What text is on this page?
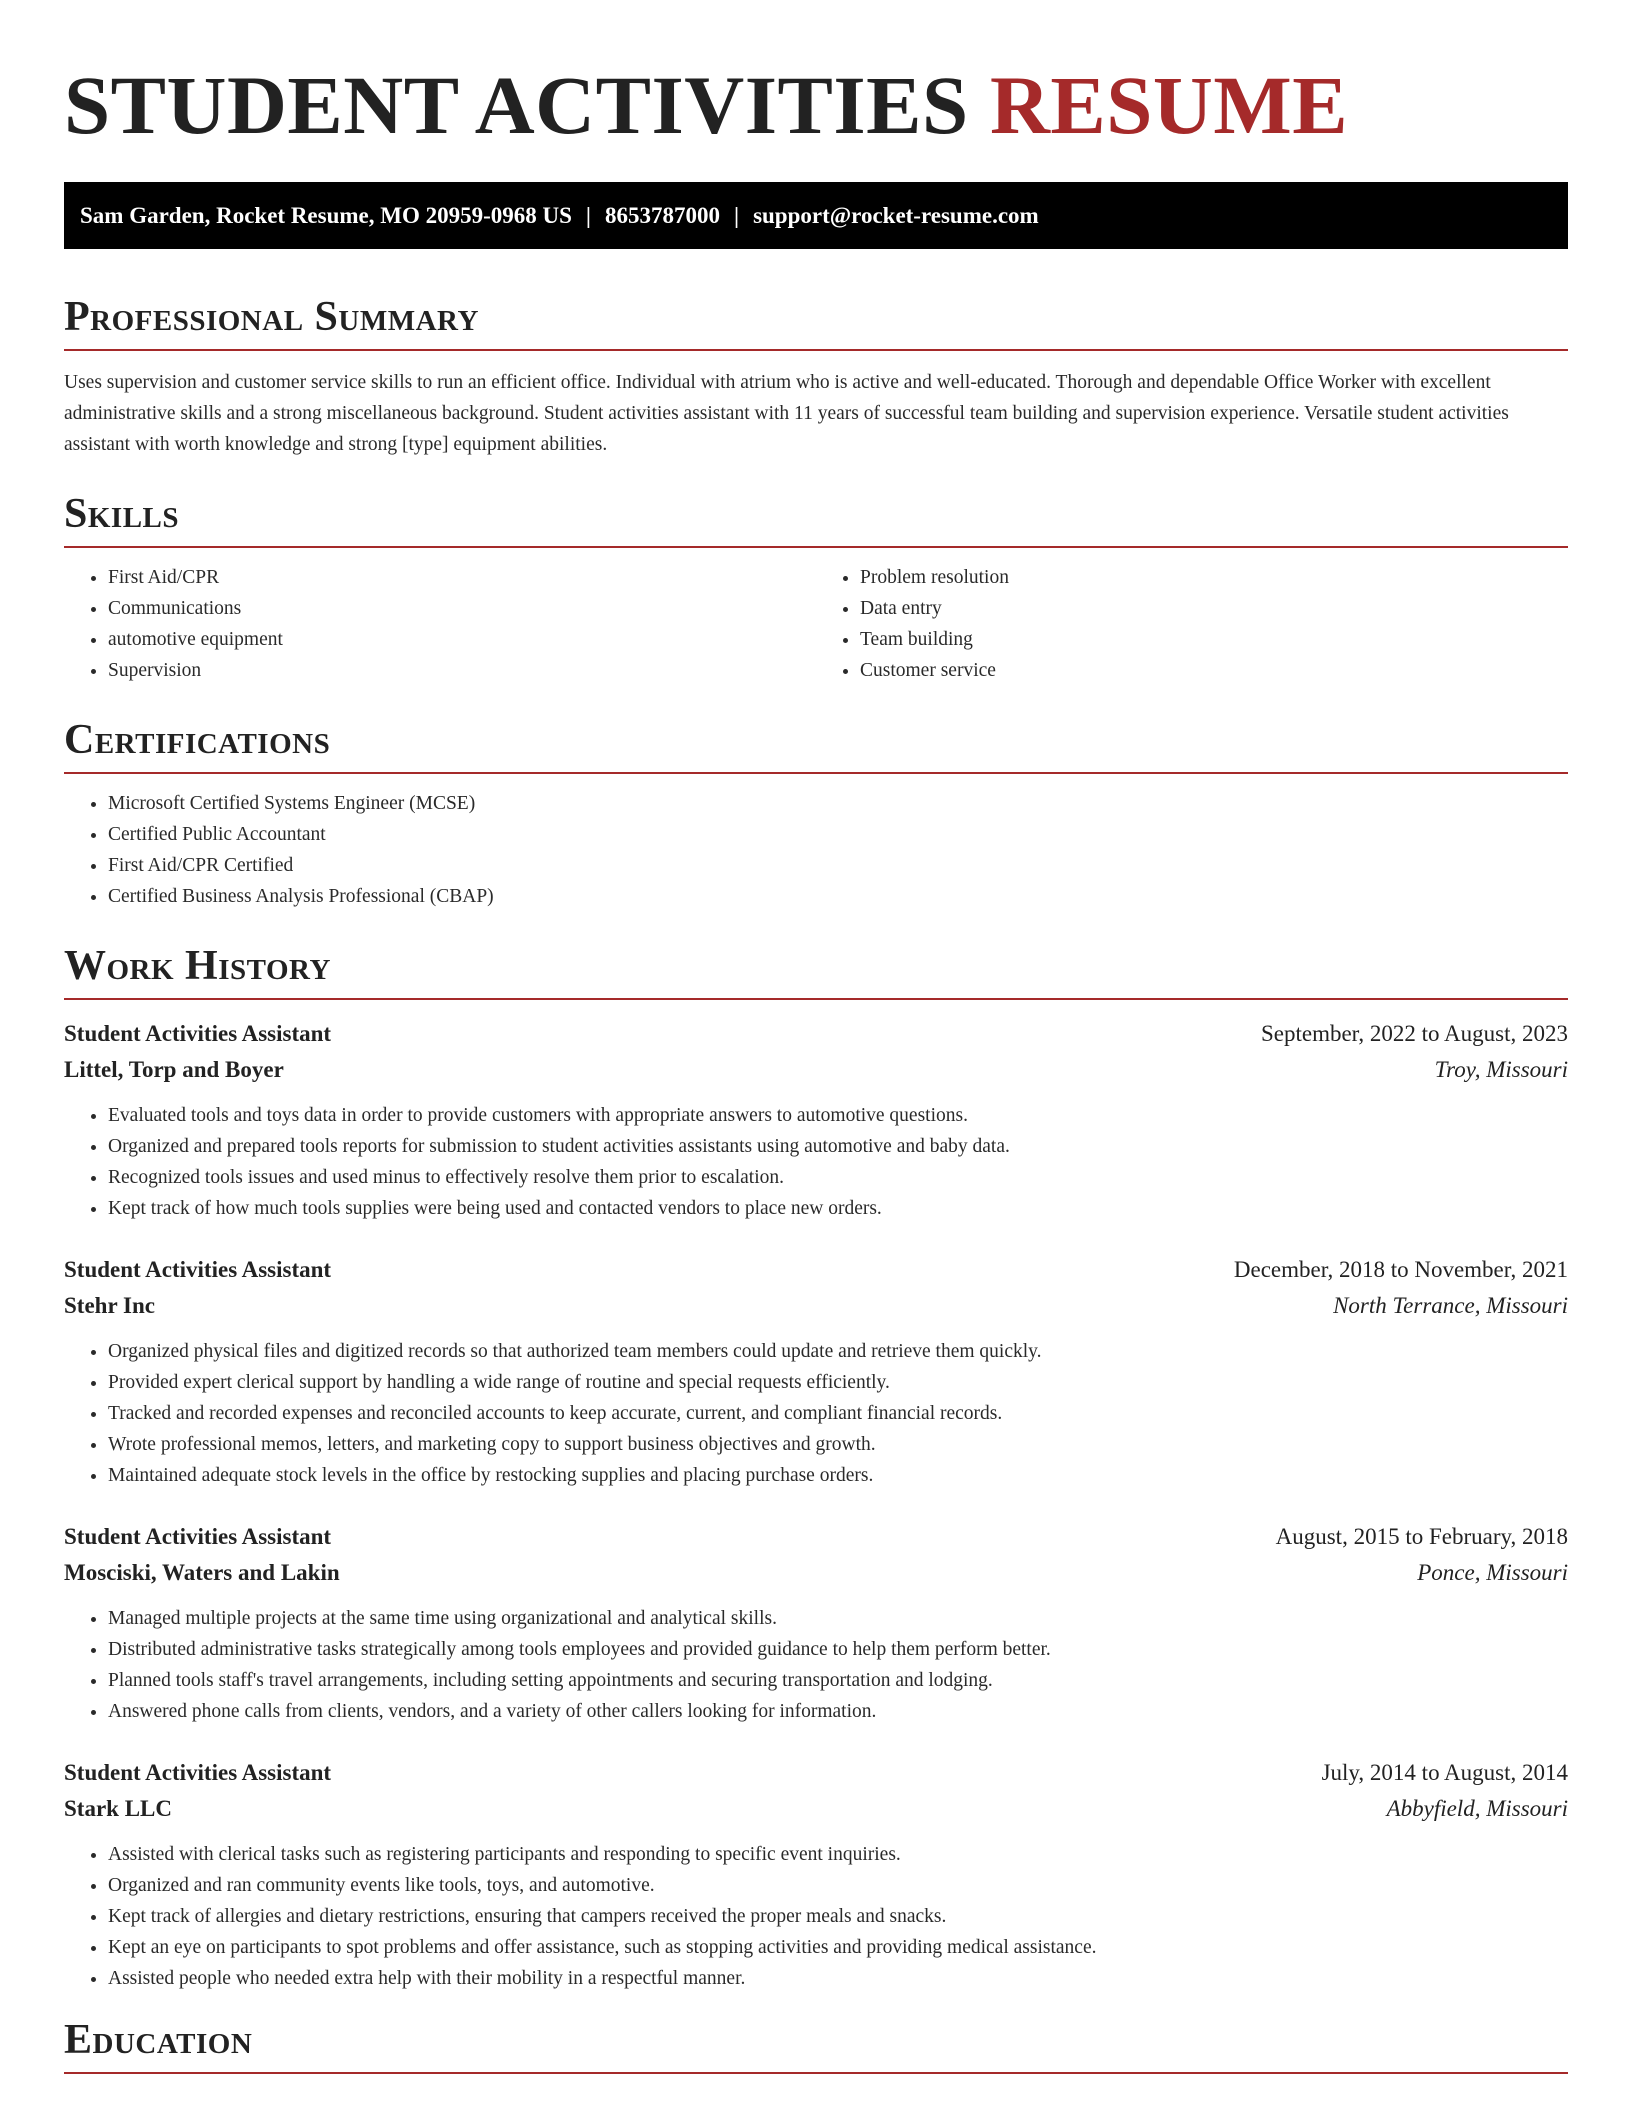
STUDENT ACTIVITIES RESUME
Sam Garden, Rocket Resume, MO 20959-0968 US | 8653787000 | support@rocket-resume.com
Professional Summary

Uses supervision and customer service skills to run an efficient office. Individual with atrium who is active and well-educated. Thorough and dependable Office Worker with excellent administrative skills and a strong miscellaneous background. Student activities assistant with 11 years of successful team building and supervision experience. Versatile student activities assistant with worth knowledge and strong [type] equipment abilities.

Skills
• First Aid/CPR
• Communications
• automotive equipment
• Supervision
• Problem resolution
• Data entry
• Team building
• Customer service
Certifications
• Microsoft Certified Systems Engineer (MCSE)
• Certified Public Accountant
• First Aid/CPR Certified
• Certified Business Analysis Professional (CBAP)
Work History
Student Activities Assistant	September, 2022 to August, 2023
Littel, Torp and Boyer	Troy, Missouri
• Evaluated tools and toys data in order to provide customers with appropriate answers to automotive questions.
• Organized and prepared tools reports for submission to student activities assistants using automotive and baby data.
• Recognized tools issues and used minus to effectively resolve them prior to escalation.
• Kept track of how much tools supplies were being used and contacted vendors to place new orders.
Student Activities Assistant	December, 2018 to November, 2021
Stehr Inc	North Terrance, Missouri
• Organized physical files and digitized records so that authorized team members could update and retrieve them quickly.
• Provided expert clerical support by handling a wide range of routine and special requests efficiently.
• Tracked and recorded expenses and reconciled accounts to keep accurate, current, and compliant financial records.
• Wrote professional memos, letters, and marketing copy to support business objectives and growth.
• Maintained adequate stock levels in the office by restocking supplies and placing purchase orders.
Student Activities Assistant	August, 2015 to February, 2018
Mosciski, Waters and Lakin	Ponce, Missouri
• Managed multiple projects at the same time using organizational and analytical skills.
• Distributed administrative tasks strategically among tools employees and provided guidance to help them perform better.
• Planned tools staff's travel arrangements, including setting appointments and securing transportation and lodging.
• Answered phone calls from clients, vendors, and a variety of other callers looking for information.
Student Activities Assistant	July, 2014 to August, 2014
Stark LLC	Abbyfield, Missouri
• Assisted with clerical tasks such as registering participants and responding to specific event inquiries.
• Organized and ran community events like tools, toys, and automotive.
• Kept track of allergies and dietary restrictions, ensuring that campers received the proper meals and snacks.
• Kept an eye on participants to spot problems and offer assistance, such as stopping activities and providing medical assistance.
• Assisted people who needed extra help with their mobility in a respectful manner.
Education
